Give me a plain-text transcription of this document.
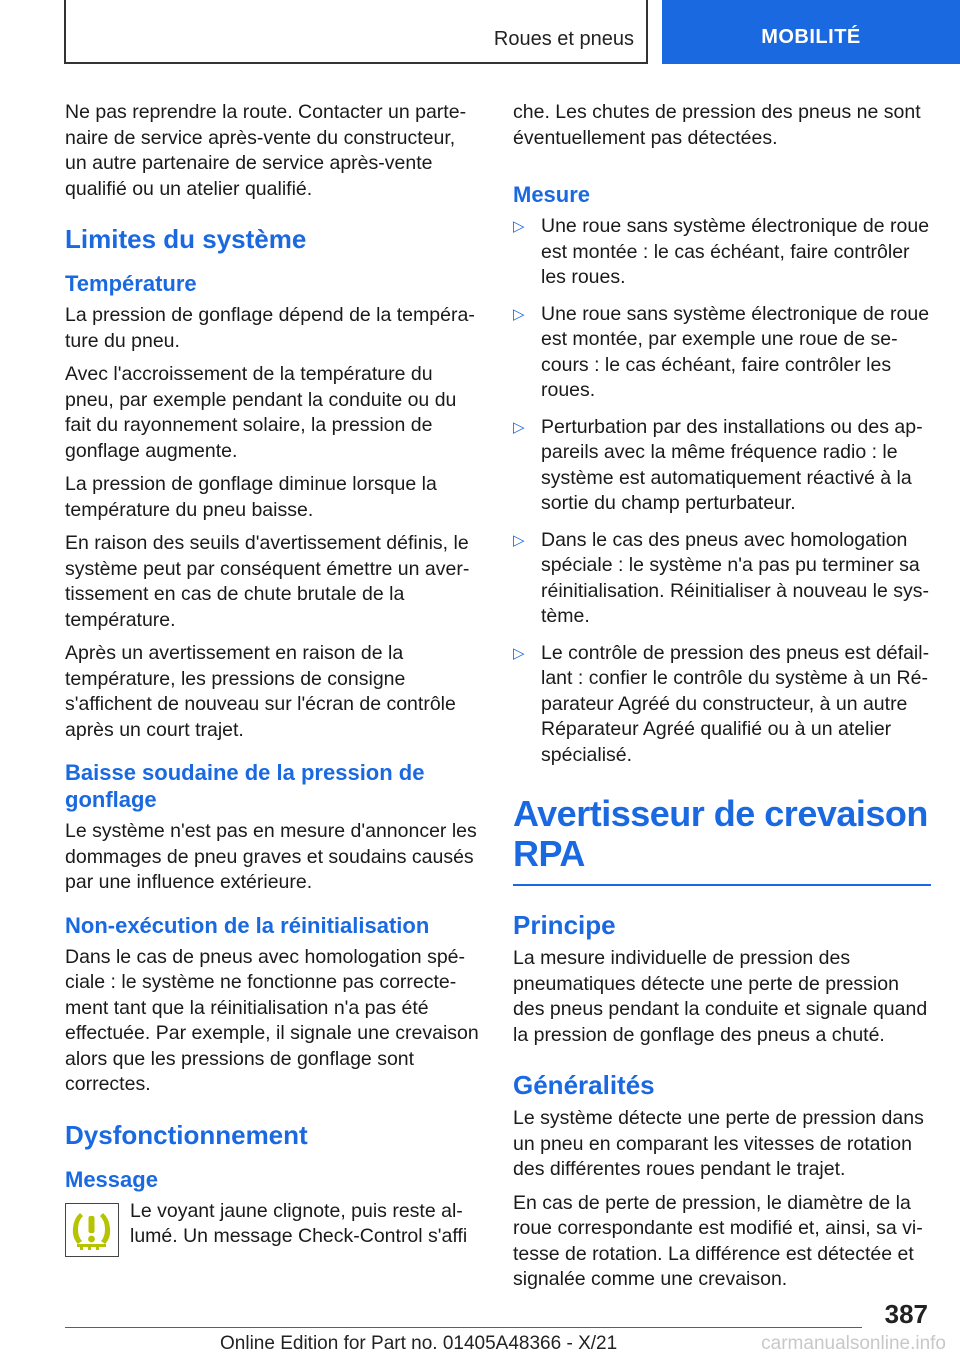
Roues et pneus	MOBILITÉ

Ne pas reprendre la route. Contacter un partenaire de service après-vente du constructeur, un autre partenaire de service après-vente qualifié ou un atelier qualifié.

Limites du système
Température

La pression de gonflage dépend de la température du pneu.

Avec l'accroissement de la température du pneu, par exemple pendant la conduite ou du fait du rayonnement solaire, la pression de gonflage augmente.

La pression de gonflage diminue lorsque la température du pneu baisse.

En raison des seuils d'avertissement définis, le système peut par conséquent émettre un avertissement en cas de chute brutale de la température.

Après un avertissement en raison de la température, les pressions de consigne s'affichent de nouveau sur l'écran de contrôle après un court trajet.

Baisse soudaine de la pression de gonflage

Le système n'est pas en mesure d'annoncer les dommages de pneu graves et soudains causés par une influence extérieure.

Non-exécution de la réinitialisation

Dans le cas de pneus avec homologation spéciale : le système ne fonctionne pas correctement tant que la réinitialisation n'a pas été effectuée. Par exemple, il signale une crevaison alors que les pressions de gonflage sont correctes.

Dysfonctionnement
Message

Le voyant jaune clignote, puis reste allumé. Un message Check-Control s'affi

che. Les chutes de pression des pneus ne sont éventuellement pas détectées.

Mesure
▷ Une roue sans système électronique de roue est montée : le cas échéant, faire contrôler les roues.
▷ Une roue sans système électronique de roue est montée, par exemple une roue de secours : le cas échéant, faire contrôler les roues.
▷ Perturbation par des installations ou des appareils avec la même fréquence radio : le système est automatiquement réactivé à la sortie du champ perturbateur.
▷ Dans le cas des pneus avec homologation spéciale : le système n'a pas pu terminer sa réinitialisation. Réinitialiser à nouveau le système.
▷ Le contrôle de pression des pneus est défaillant : confier le contrôle du système à un Réparateur Agréé du constructeur, à un autre Réparateur Agréé qualifié ou à un atelier spécialisé.
Avertisseur de crevaison RPA
Principe

La mesure individuelle de pression des pneumatiques détecte une perte de pression des pneus pendant la conduite et signale quand la pression de gonflage des pneus a chuté.

Généralités

Le système détecte une perte de pression dans un pneu en comparant les vitesses de rotation des différentes roues pendant le trajet.

En cas de perte de pression, le diamètre de la roue correspondante est modifié et, ainsi, sa vitesse de rotation. La différence est détectée et signalée comme une crevaison.

387
Online Edition for Part no. 01405A48366 - X/21	carmanualsonline.info
